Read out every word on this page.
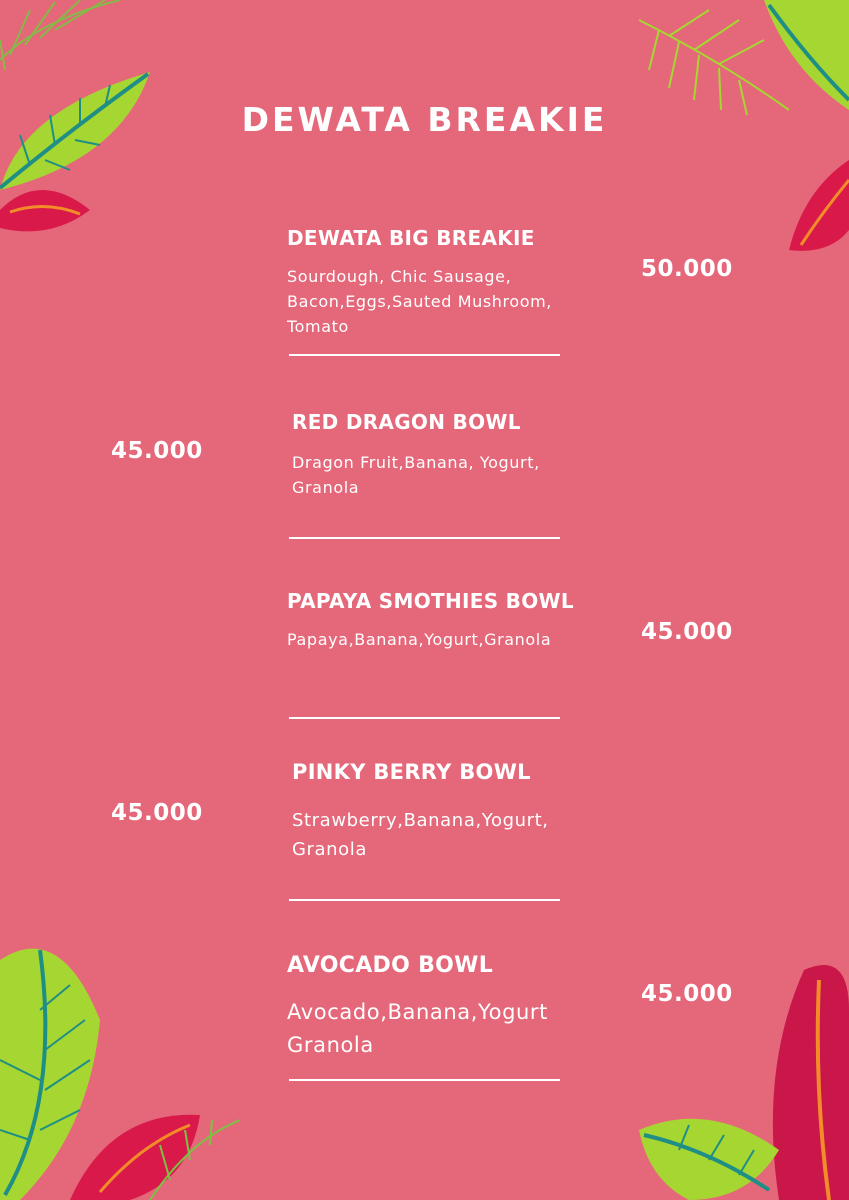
DEWATA BREAKIE
DEWATA BIG BREAKIE

Sourdough, Chic Sausage, Bacon,Eggs,Sauted Mushroom, Tomato

50.000

RED DRAGON BOWL

Dragon Fruit,Banana, Yogurt, Granola

45.000

PAPAYA SMOTHIES BOWL

Papaya,Banana,Yogurt,Granola	45.000

PINKY BERRY BOWL

Strawberry,Banana,Yogurt, Granola

45.000

AVOCADO BOWL

Avocado,Banana,Yogurt Granola

45.000
